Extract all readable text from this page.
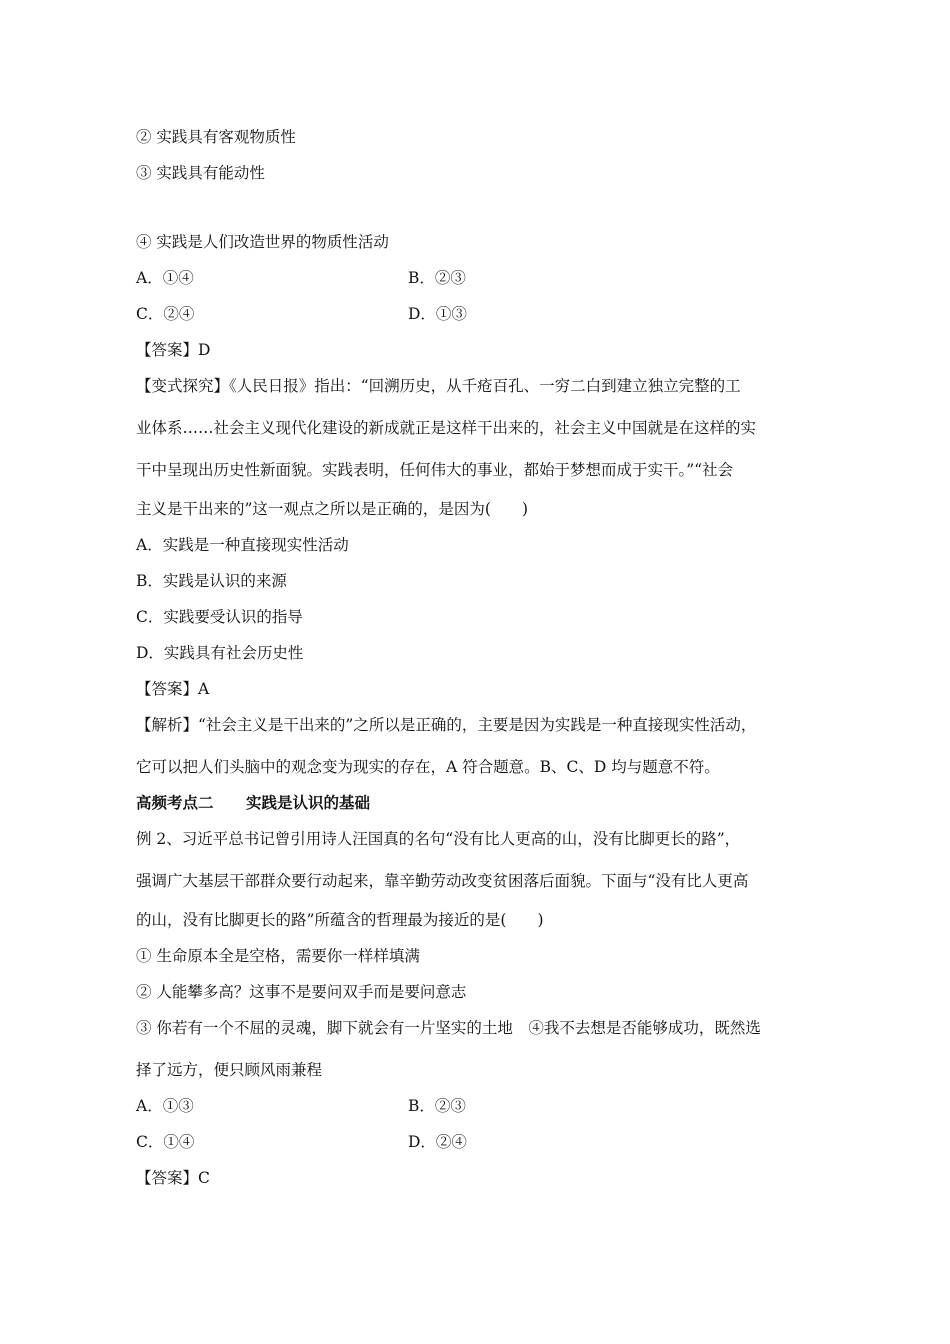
② 实践具有客观物质性
③ 实践具有能动性
④ 实践是人们改造世界的物质性活动
A．①④	B．②③
C．②④	D．①③
【答案】D
【变式探究】《人民日报》指出：“回溯历史，从千疮百孔、一穷二白到建立独立完整的工
业体系……社会主义现代化建设的新成就正是这样干出来的，社会主义中国就是在这样的实
干中呈现出历史性新面貌。实践表明，任何伟大的事业，都始于梦想而成于实干。”“社会
主义是干出来的”这一观点之所以是正确的，是因为(　　)
A．实践是一种直接现实性活动
B．实践是认识的来源
C．实践要受认识的指导
D．实践具有社会历史性
【答案】A
【解析】“社会主义是干出来的”之所以是正确的，主要是因为实践是一种直接现实性活动，
它可以把人们头脑中的观念变为现实的存在，A 符合题意。B、C、D 均与题意不符。
高频考点二 实践是认识的基础
例 2、习近平总书记曾引用诗人汪国真的名句“没有比人更高的山，没有比脚更长的路”，
强调广大基层干部群众要行动起来，靠辛勤劳动改变贫困落后面貌。下面与“没有比人更高
的山，没有比脚更长的路”所蕴含的哲理最为接近的是(　　)
① 生命原本全是空格，需要你一样样填满
② 人能攀多高？这事不是要问双手而是要问意志
③ 你若有一个不屈的灵魂，脚下就会有一片坚实的土地　④我不去想是否能够成功，既然选
择了远方，便只顾风雨兼程
A．①③	B．②③
C．①④	D．②④
【答案】C
